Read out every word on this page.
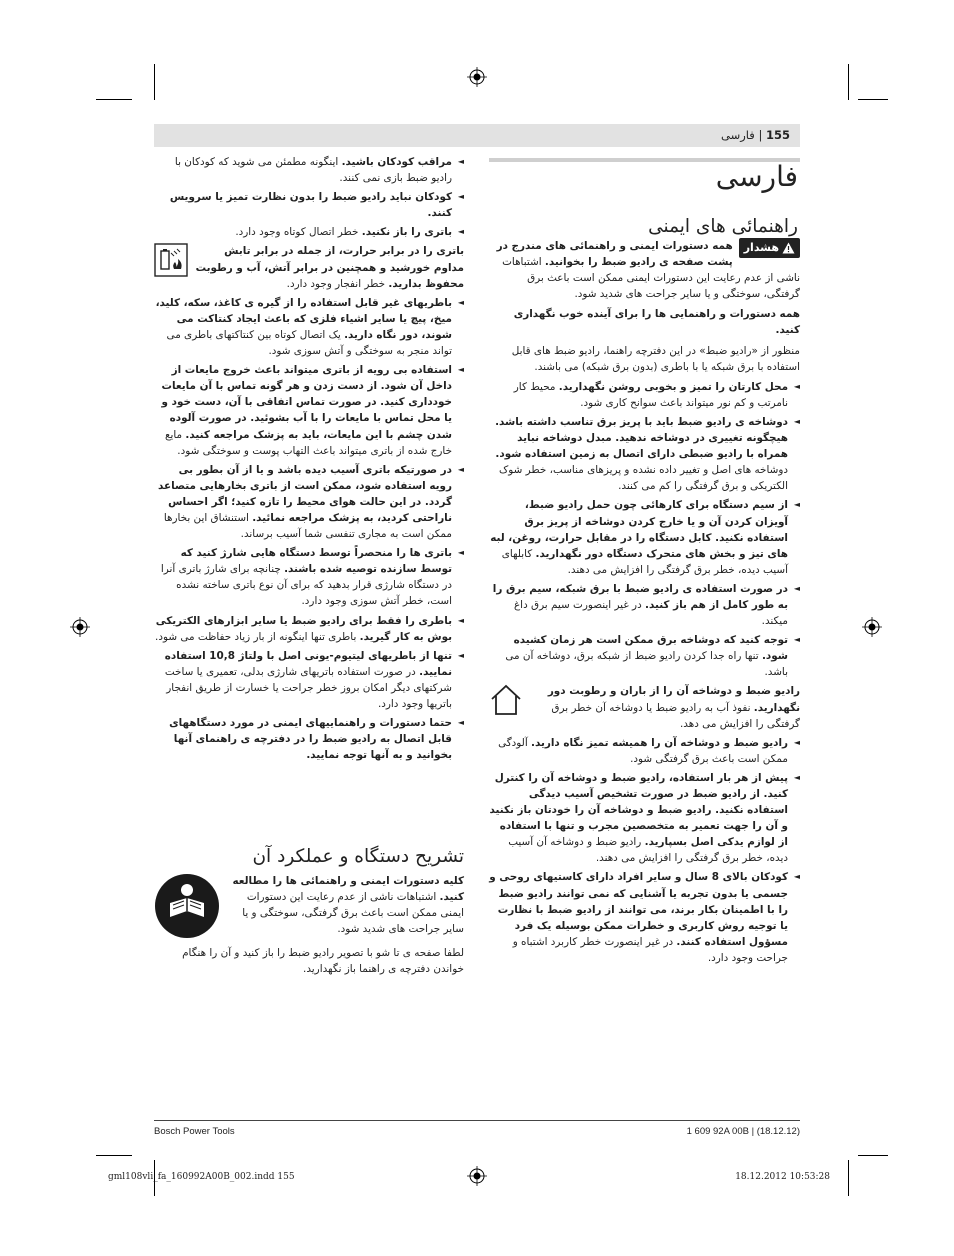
155 | فارسی
فارسی
راهنمائی های ایمنی
هشدار
همه دستورات ایمنی و راهنمائی های مندرج در پشت صفحه ی رادیو ضبط را بخوانید. اشتباهات ناشی از عدم رعایت این دستورات ایمنی ممکن است باعث برق گرفتگی، سوختگی و یا سایر جراحت های شدید شود.

همه دستورات و راهنمایی ها را برای آینده خوب نگهداری کنید.

منظور از «رادیو ضبط» در این دفترچه راهنما، رادیو ضبط های قابل استفاده با برق شبکه یا با باطری (بدون برق شبکه) می باشند.

◄ محل کارتان را تمیز و بخوبی روشن نگهدارید. محیط کار نامرتب و کم نور میتواند باعث سوانح کاری شود.
◄ دوشاخه ی رادیو ضبط باید با پریز برق تناسب داشته باشد. هیچگونه تغییری در دوشاخه ندهید. مبدل دوشاخه نباید همراه با رادیو ضبطی دارای اتصال به زمین استفاده شود. دوشاخه های اصل و تغییر داده نشده و پریزهای مناسب، خطر شوک الکتریکی و برق گرفتگی را کم می کنند.
◄ از سیم دستگاه برای کارهائی چون حمل رادیو ضبط، آویزان کردن آن و یا خارج کردن دوشاخه از پریز برق استفاده نکنید. کابل دستگاه را در مقابل حرارت، روغن، لبه های تیز و بخش های متحرک دستگاه دور نگهدارید. کابلهای آسیب دیده، خطر برق گرفتگی را افزایش می دهند.
◄ در صورت استفاده ی رادیو ضبط با برق شبکه، سیم برق را به طور کامل از هم باز کنید. در غیر اینصورت سیم برق داغ میکند.
◄ توجه کنید که دوشاخه برق ممکن است هر زمان کشیده شود. تنها راه جدا کردن رادیو ضبط از شبکه برق، دوشاخه آن می باشد.
رادیو ضبط و دوشاخه آن را از باران و رطوبت دور نگهدارید. نفوذ آب به رادیو ضبط یا دوشاخه آن خطر برق گرفتگی را افزایش می دهد.
◄ رادیو ضبط و دوشاخه آن را همیشه تمیز نگاه دارید. آلودگی ممکن است باعث برق گرفتگی شود.
◄ پیش از هر بار استفاده، رادیو ضبط و دوشاخه آن را کنترل کنید. از رادیو ضبط در صورت تشخیص آسیب دیدگی استفاده نکنید. رادیو ضبط و دوشاخه آن را خودتان باز نکنید و آن را جهت تعمیر به متخصصین مجرب و تنها با استفاده از لوازم یدکی اصل بسپارید. رادیو ضبط و دوشاخه آن آسیب دیده، خطر برق گرفتگی را افزایش می دهند.
◄ کودکان بالای 8 سال و سایر افراد دارای کاستیهای روحی و جسمی یا بدون تجربه یا آشنایی که نمی توانند رادیو ضبط را با اطمینان بکار برند، می توانند از رادیو ضبط با نظارت یا توجیه روش کاربری و خطرات ممکن بوسیله یک فرد مسؤول استفاده کنند. در غیر اینصورت خطر کاربرد اشتباه و جراحت وجود دارد.
◄ مراقب کودکان باشید. اینگونه مطمئن می شوید که کودکان با رادیو ضبط بازی نمی کنند.
◄ کودکان نباید رادیو ضبط را بدون نظارت تمیز یا سرویس کنند.
◄ باتری را باز نکنید. خطر اتصال کوتاه وجود دارد.
باتری را در برابر حرارت، از جمله در برابر تابش مداوم خورشید و همچنین در برابر آتش، آب و رطوبت محفوظ بدارید. خطر انفجار وجود دارد.
◄ باطریهای غیر قابل استفاده را از گیره ی کاغذ، سکه، کلید، میخ، پیچ یا سایر اشیاء فلزی که باعث ایجاد کنتاکت می شوند، دور نگاه دارید. یک اتصال کوتاه بین کنتاکتهای باطری می تواند منجر به سوختگی و آتش سوزی شود.
◄ استفاده بی رویه از باتری میتواند باعث خروج مایعات از داخل آن شود. از دست زدن و هر گونه تماس با آن مایعات خودداری کنید. در صورت تماس اتفاقی با آن، دست خود و یا محل تماس با مایعات را با آب بشوئید. در صورت آلوده شدن چشم با این مایعات، باید به پزشک مراجعه کنید. مایع خارج شده از باتری میتواند باعث التهاب پوست و سوختگی شود.
◄ در صورتیکه باتری آسیب دیده باشد و یا از آن بطور بی رویه استفاده شود، ممکن است از باتری بخارهایی متصاعد گردد. در این حالت هوای محیط را تازه کنید؛ اگر احساس ناراحتی کردید، به پزشک مراجعه نمائید. استنشاق این بخارها ممکن است به مجاری تنفسی شما آسیب برساند.
◄ باتری ها را منحصراً توسط دستگاه هایی شارژ کنید که توسط سازنده توصیه شده باشند. چنانچه برای شارژ باتری آنرا در دستگاه شارژی قرار بدهید که برای آن نوع باتری ساخته نشده است، خطر آتش سوزی وجود دارد.
◄ باطری را فقط برای رادیو ضبط یا سایر ابزارهای الکتریکی بوش به کار گیرید. باطری تنها اینگونه از بار زیاد حفاظت می شود.
◄ تنها از باطریهای لیتیوم-یونی اصل با ولتاژ 10,8 استفاده نمایید. در صورت استفاده باتریهای شارژی بدلی، تعمیری یا ساخت شرکتهای دیگر امکان بروز خطر جراحت یا خسارت از طریق انفجار باتریها وجود دارد.
◄ حتما دستورات و راهنماییهای ایمنی در مورد دستگاههای قابل اتصال به رادیو ضبط را در دفترچه ی راهنمای آنها بخوانید و به آنها توجه نمایید.
تشریح دستگاه و عملکرد آن
کلیه دستورات ایمنی و راهنمائی ها را مطالعه کنید. اشتباهات ناشی از عدم رعایت این دستورات ایمنی ممکن است باعث برق گرفتگی، سوختگی و یا سایر جراحت های شدید شود.

لطفا صفحه ی تا شو با تصویر رادیو ضبط را باز کنید و آن را هنگام خواندن دفترچه ی راهنما باز نگهدارید.

Bosch Power Tools	1 609 92A 00B | (18.12.12)
gml108vli_fa_160992A00B_002.indd 155	18.12.2012 10:53:28
